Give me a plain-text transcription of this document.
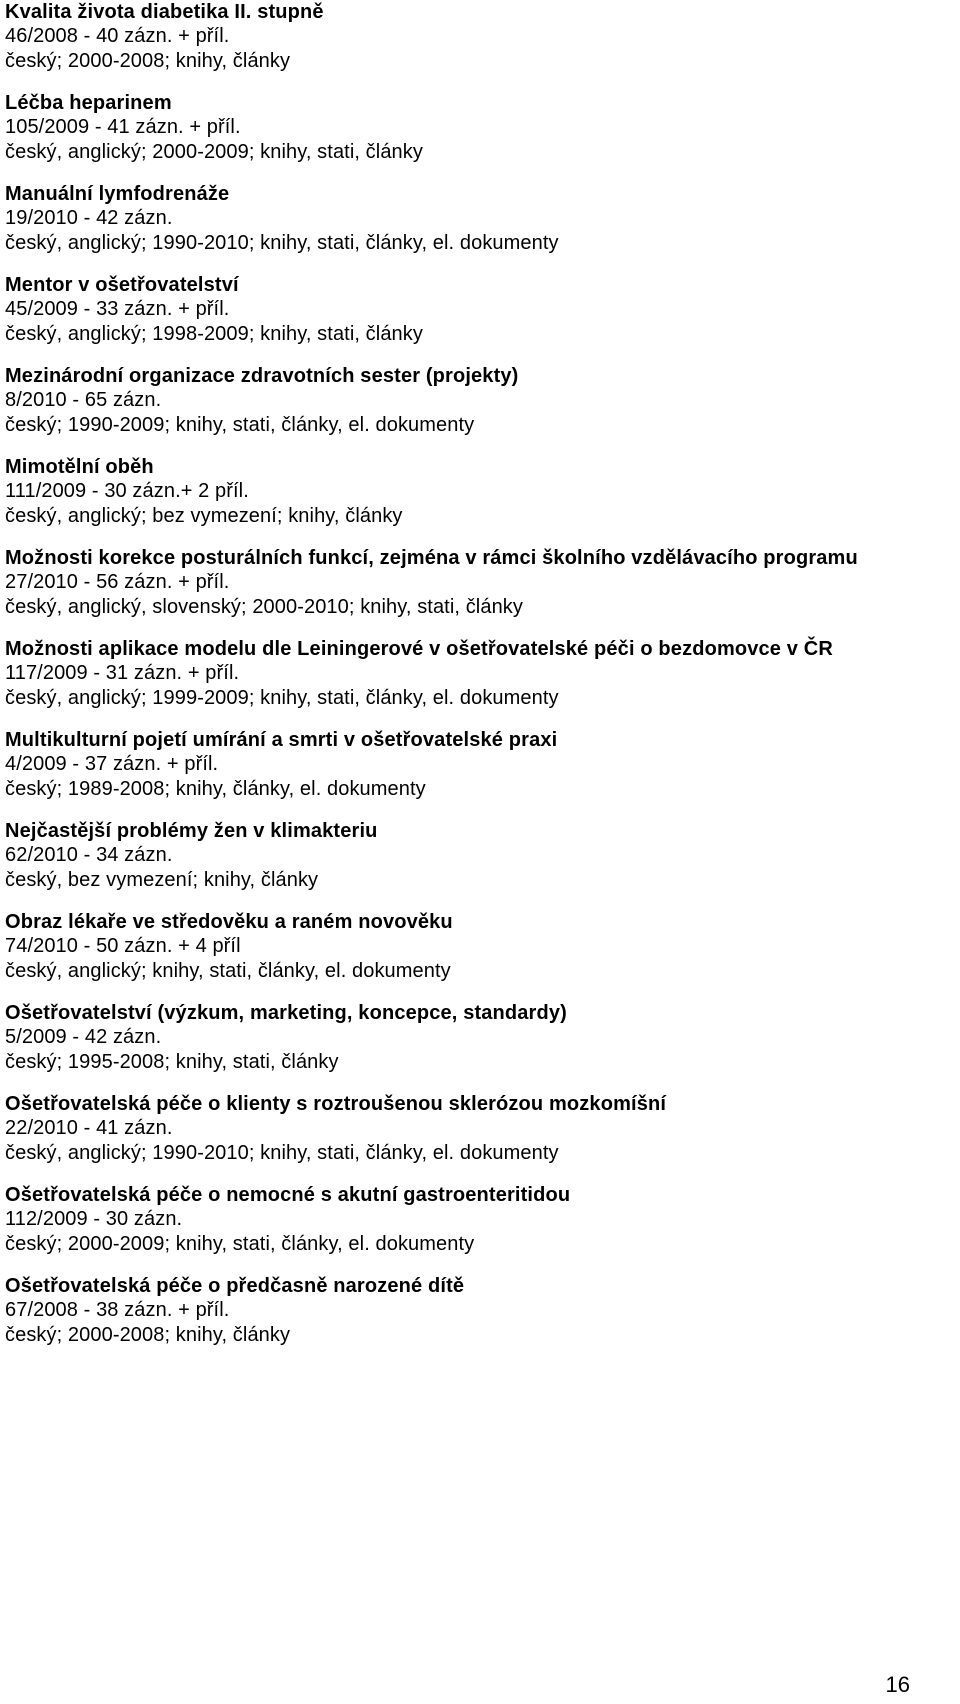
Kvalita života diabetika II. stupně
46/2008 - 40 zázn. + příl.
český; 2000-2008; knihy, články
Léčba heparinem
105/2009 - 41 zázn. + příl.
český, anglický; 2000-2009; knihy, stati, články
Manuální lymfodrenáže
19/2010 - 42 zázn.
český, anglický; 1990-2010; knihy, stati, články, el. dokumenty
Mentor v ošetřovatelství
45/2009 - 33 zázn. + příl.
český, anglický; 1998-2009; knihy, stati, články
Mezinárodní organizace zdravotních sester (projekty)
8/2010 - 65 zázn.
český; 1990-2009; knihy, stati, články, el. dokumenty
Mimotělní oběh
111/2009 - 30 zázn.+ 2 příl.
český, anglický; bez vymezení; knihy, články
Možnosti korekce posturálních funkcí, zejména v rámci školního vzdělávacího programu
27/2010 - 56 zázn. + příl.
český, anglický, slovenský; 2000-2010; knihy, stati, články
Možnosti aplikace modelu dle Leiningerové v ošetřovatelské péči o bezdomovce v ČR
117/2009 - 31 zázn. + příl.
český, anglický; 1999-2009; knihy, stati, články, el. dokumenty
Multikulturní pojetí umírání a smrti v ošetřovatelské praxi
4/2009 - 37 zázn. + příl.
český; 1989-2008; knihy, články, el. dokumenty
Nejčastější problémy žen v klimakteriu
62/2010 - 34 zázn.
český, bez vymezení; knihy, články
Obraz lékaře ve středověku a raném novověku
74/2010 - 50 zázn. + 4 příl
český, anglický; knihy, stati, články, el. dokumenty
Ošetřovatelství (výzkum, marketing, koncepce, standardy)
5/2009 - 42 zázn.
český; 1995-2008; knihy, stati, články
Ošetřovatelská péče o klienty s roztroušenou sklerózou mozkomíšní
22/2010 - 41 zázn.
český, anglický; 1990-2010; knihy, stati, články, el. dokumenty
Ošetřovatelská péče o nemocné s akutní gastroenteritidou
112/2009 - 30 zázn.
český; 2000-2009; knihy, stati, články, el. dokumenty
Ošetřovatelská péče o předčasně narozené dítě
67/2008 - 38 zázn. + příl.
český; 2000-2008; knihy, články
16
